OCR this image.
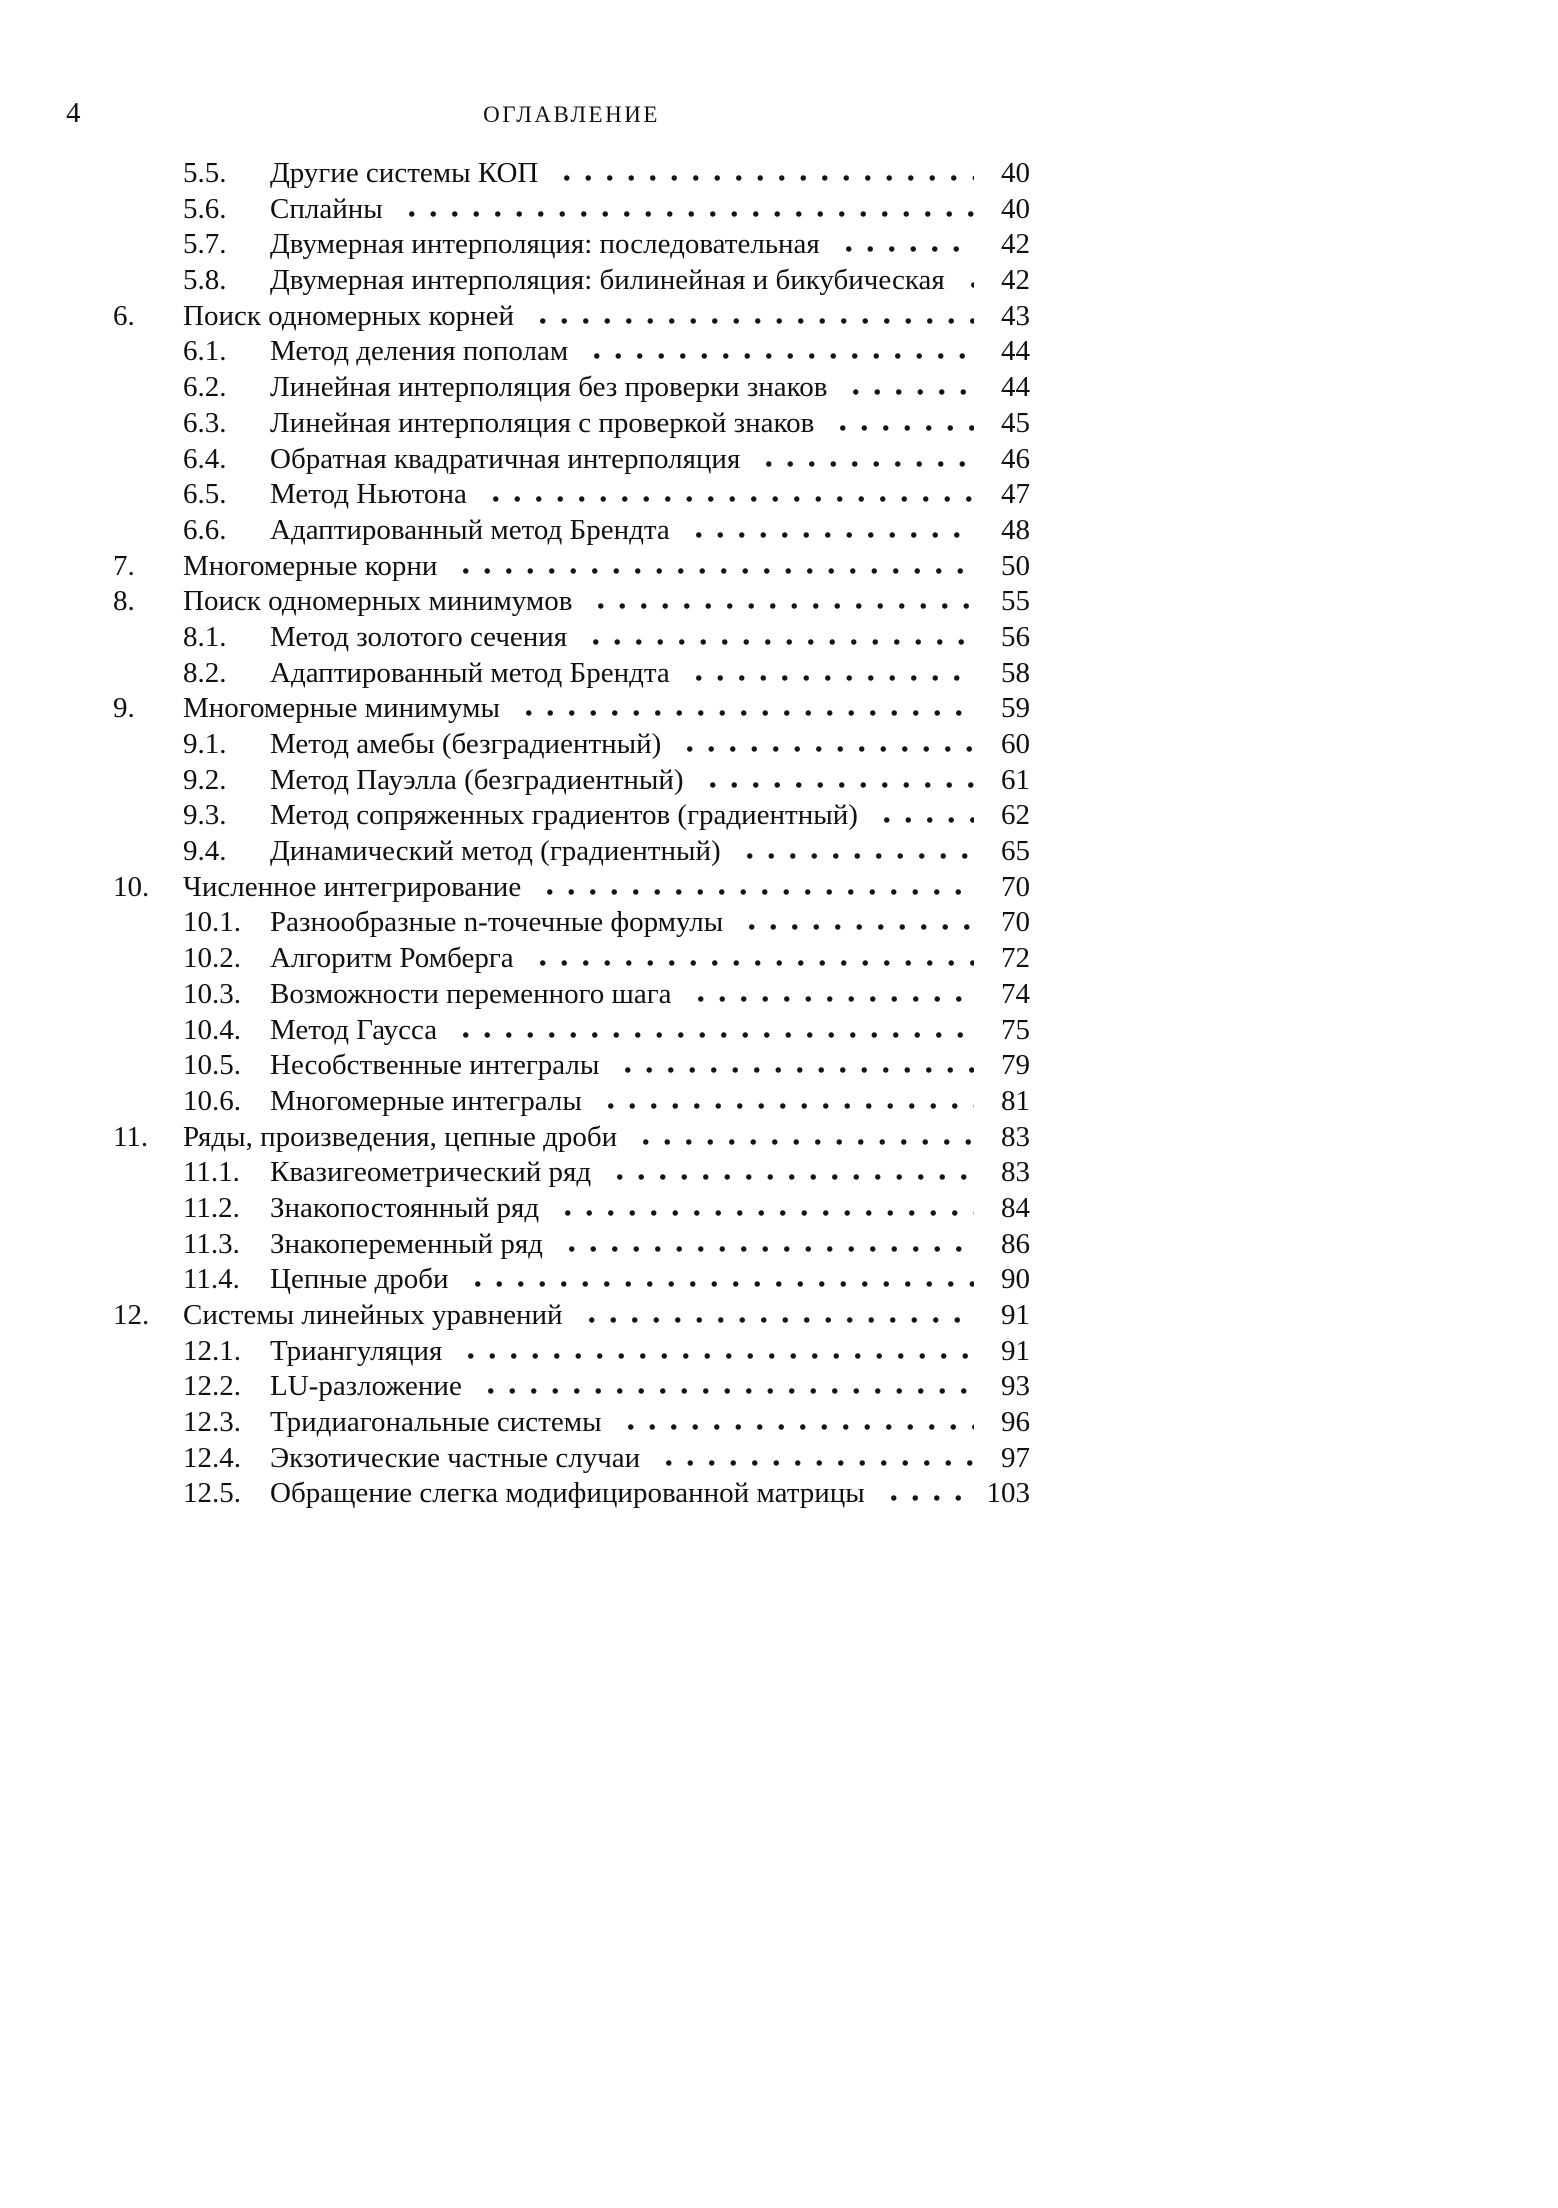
4	ОГЛАВЛЕНИЕ
5.5.	Другие системы КОП	40
5.6.	Сплайны	40
5.7.	Двумерная интерполяция: последовательная	42
5.8.	Двумерная интерполяция: билинейная и бикубическая	42
6.	Поиск одномерных корней	43
6.1.	Метод деления пополам	44
6.2.	Линейная интерполяция без проверки знаков	44
6.3.	Линейная интерполяция с проверкой знаков	45
6.4.	Обратная квадратичная интерполяция	46
6.5.	Метод Ньютона	47
6.6.	Адаптированный метод Брендта	48
7.	Многомерные корни	50
8.	Поиск одномерных минимумов	55
8.1.	Метод золотого сечения	56
8.2.	Адаптированный метод Брендта	58
9.	Многомерные минимумы	59
9.1.	Метод амебы (безградиентный)	60
9.2.	Метод Пауэлла (безградиентный)	61
9.3.	Метод сопряженных градиентов (градиентный)	62
9.4.	Динамический метод (градиентный)	65
10.	Численное интегрирование	70
10.1.	Разнообразные n-точечные формулы	70
10.2.	Алгоритм Ромберга	72
10.3.	Возможности переменного шага	74
10.4.	Метод Гаусса	75
10.5.	Несобственные интегралы	79
10.6.	Многомерные интегралы	81
11.	Ряды, произведения, цепные дроби	83
11.1.	Квазигеометрический ряд	83
11.2.	Знакопостоянный ряд	84
11.3.	Знакопеременный ряд	86
11.4.	Цепные дроби	90
12.	Системы линейных уравнений	91
12.1.	Триангуляция	91
12.2.	LU-разложение	93
12.3.	Тридиагональные системы	96
12.4.	Экзотические частные случаи	97
12.5.	Обращение слегка модифицированной матрицы	103
